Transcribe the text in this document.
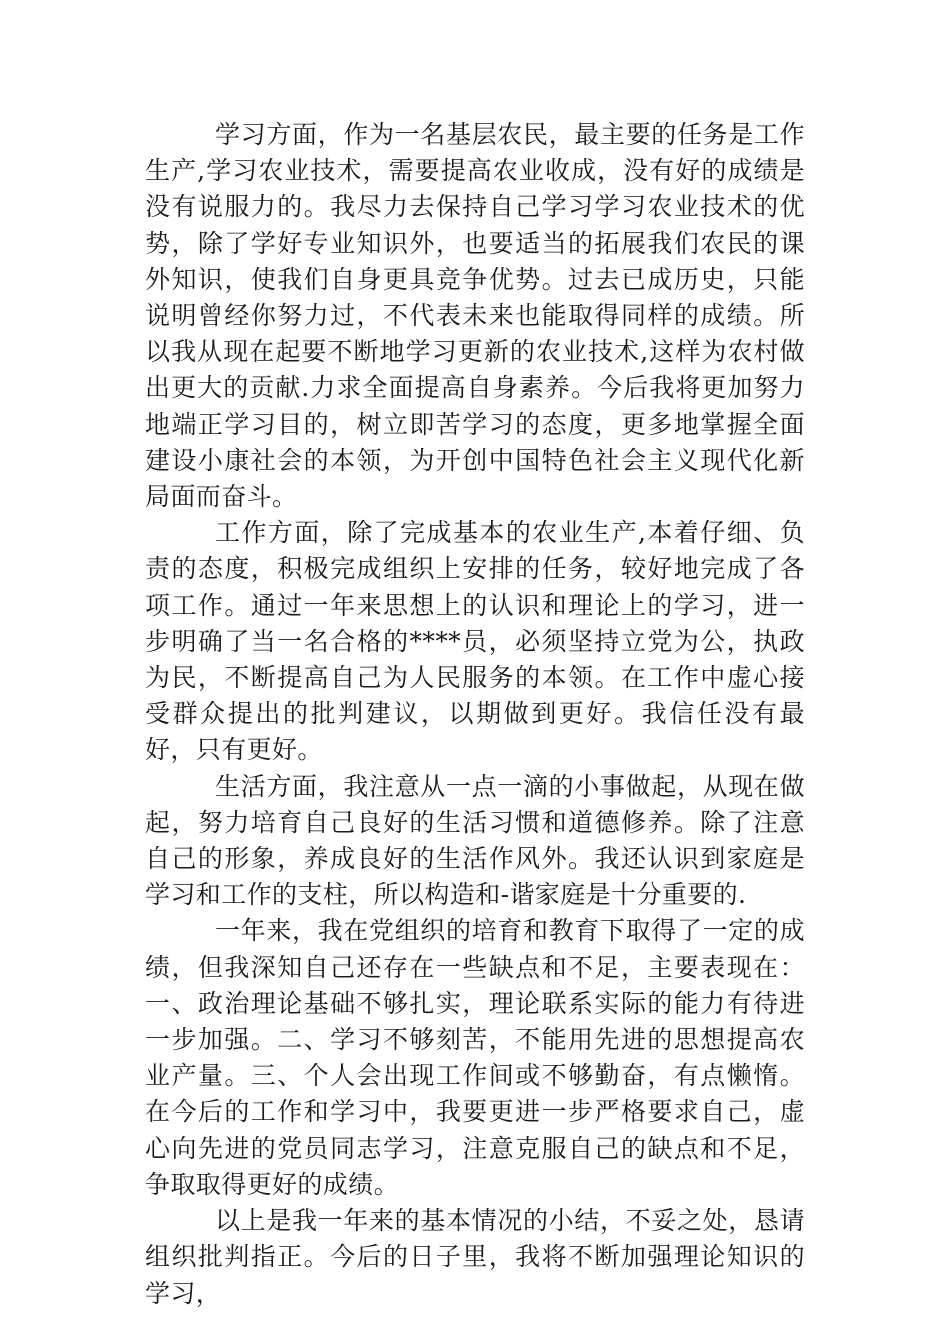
学习方面，作为一名基层农民，最主要的任务是工作生产,学习农业技术，需要提高农业收成，没有好的成绩是没有说服力的。我尽力去保持自己学习学习农业技术的优势，除了学好专业知识外，也要适当的拓展我们农民的课外知识，使我们自身更具竞争优势。过去已成历史，只能说明曾经你努力过，不代表未来也能取得同样的成绩。所以我从现在起要不断地学习更新的农业技术,这样为农村做出更大的贡献.力求全面提高自身素养。今后我将更加努力地端正学习目的，树立即苦学习的态度，更多地掌握全面建设小康社会的本领，为开创中国特色社会主义现代化新局面而奋斗。

工作方面，除了完成基本的农业生产,本着仔细、负责的态度，积极完成组织上安排的任务，较好地完成了各项工作。通过一年来思想上的认识和理论上的学习，进一步明确了当一名合格的****员，必须坚持立党为公，执政为民，不断提高自己为人民服务的本领。在工作中虚心接受群众提出的批判建议，以期做到更好。我信任没有最好，只有更好。

生活方面，我注意从一点一滴的小事做起，从现在做起，努力培育自己良好的生活习惯和道德修养。除了注意自己的形象，养成良好的生活作风外。我还认识到家庭是学习和工作的支柱，所以构造和-谐家庭是十分重要的.

一年来，我在党组织的培育和教育下取得了一定的成绩，但我深知自己还存在一些缺点和不足，主要表现在：一、政治理论基础不够扎实，理论联系实际的能力有待进一步加强。二、学习不够刻苦，不能用先进的思想提高农业产量。三、个人会出现工作间或不够勤奋，有点懒惰。在今后的工作和学习中，我要更进一步严格要求自己，虚心向先进的党员同志学习，注意克服自己的缺点和不足，争取取得更好的成绩。

以上是我一年来的基本情况的小结，不妥之处，恳请组织批判指正。今后的日子里，我将不断加强理论知识的学习，
